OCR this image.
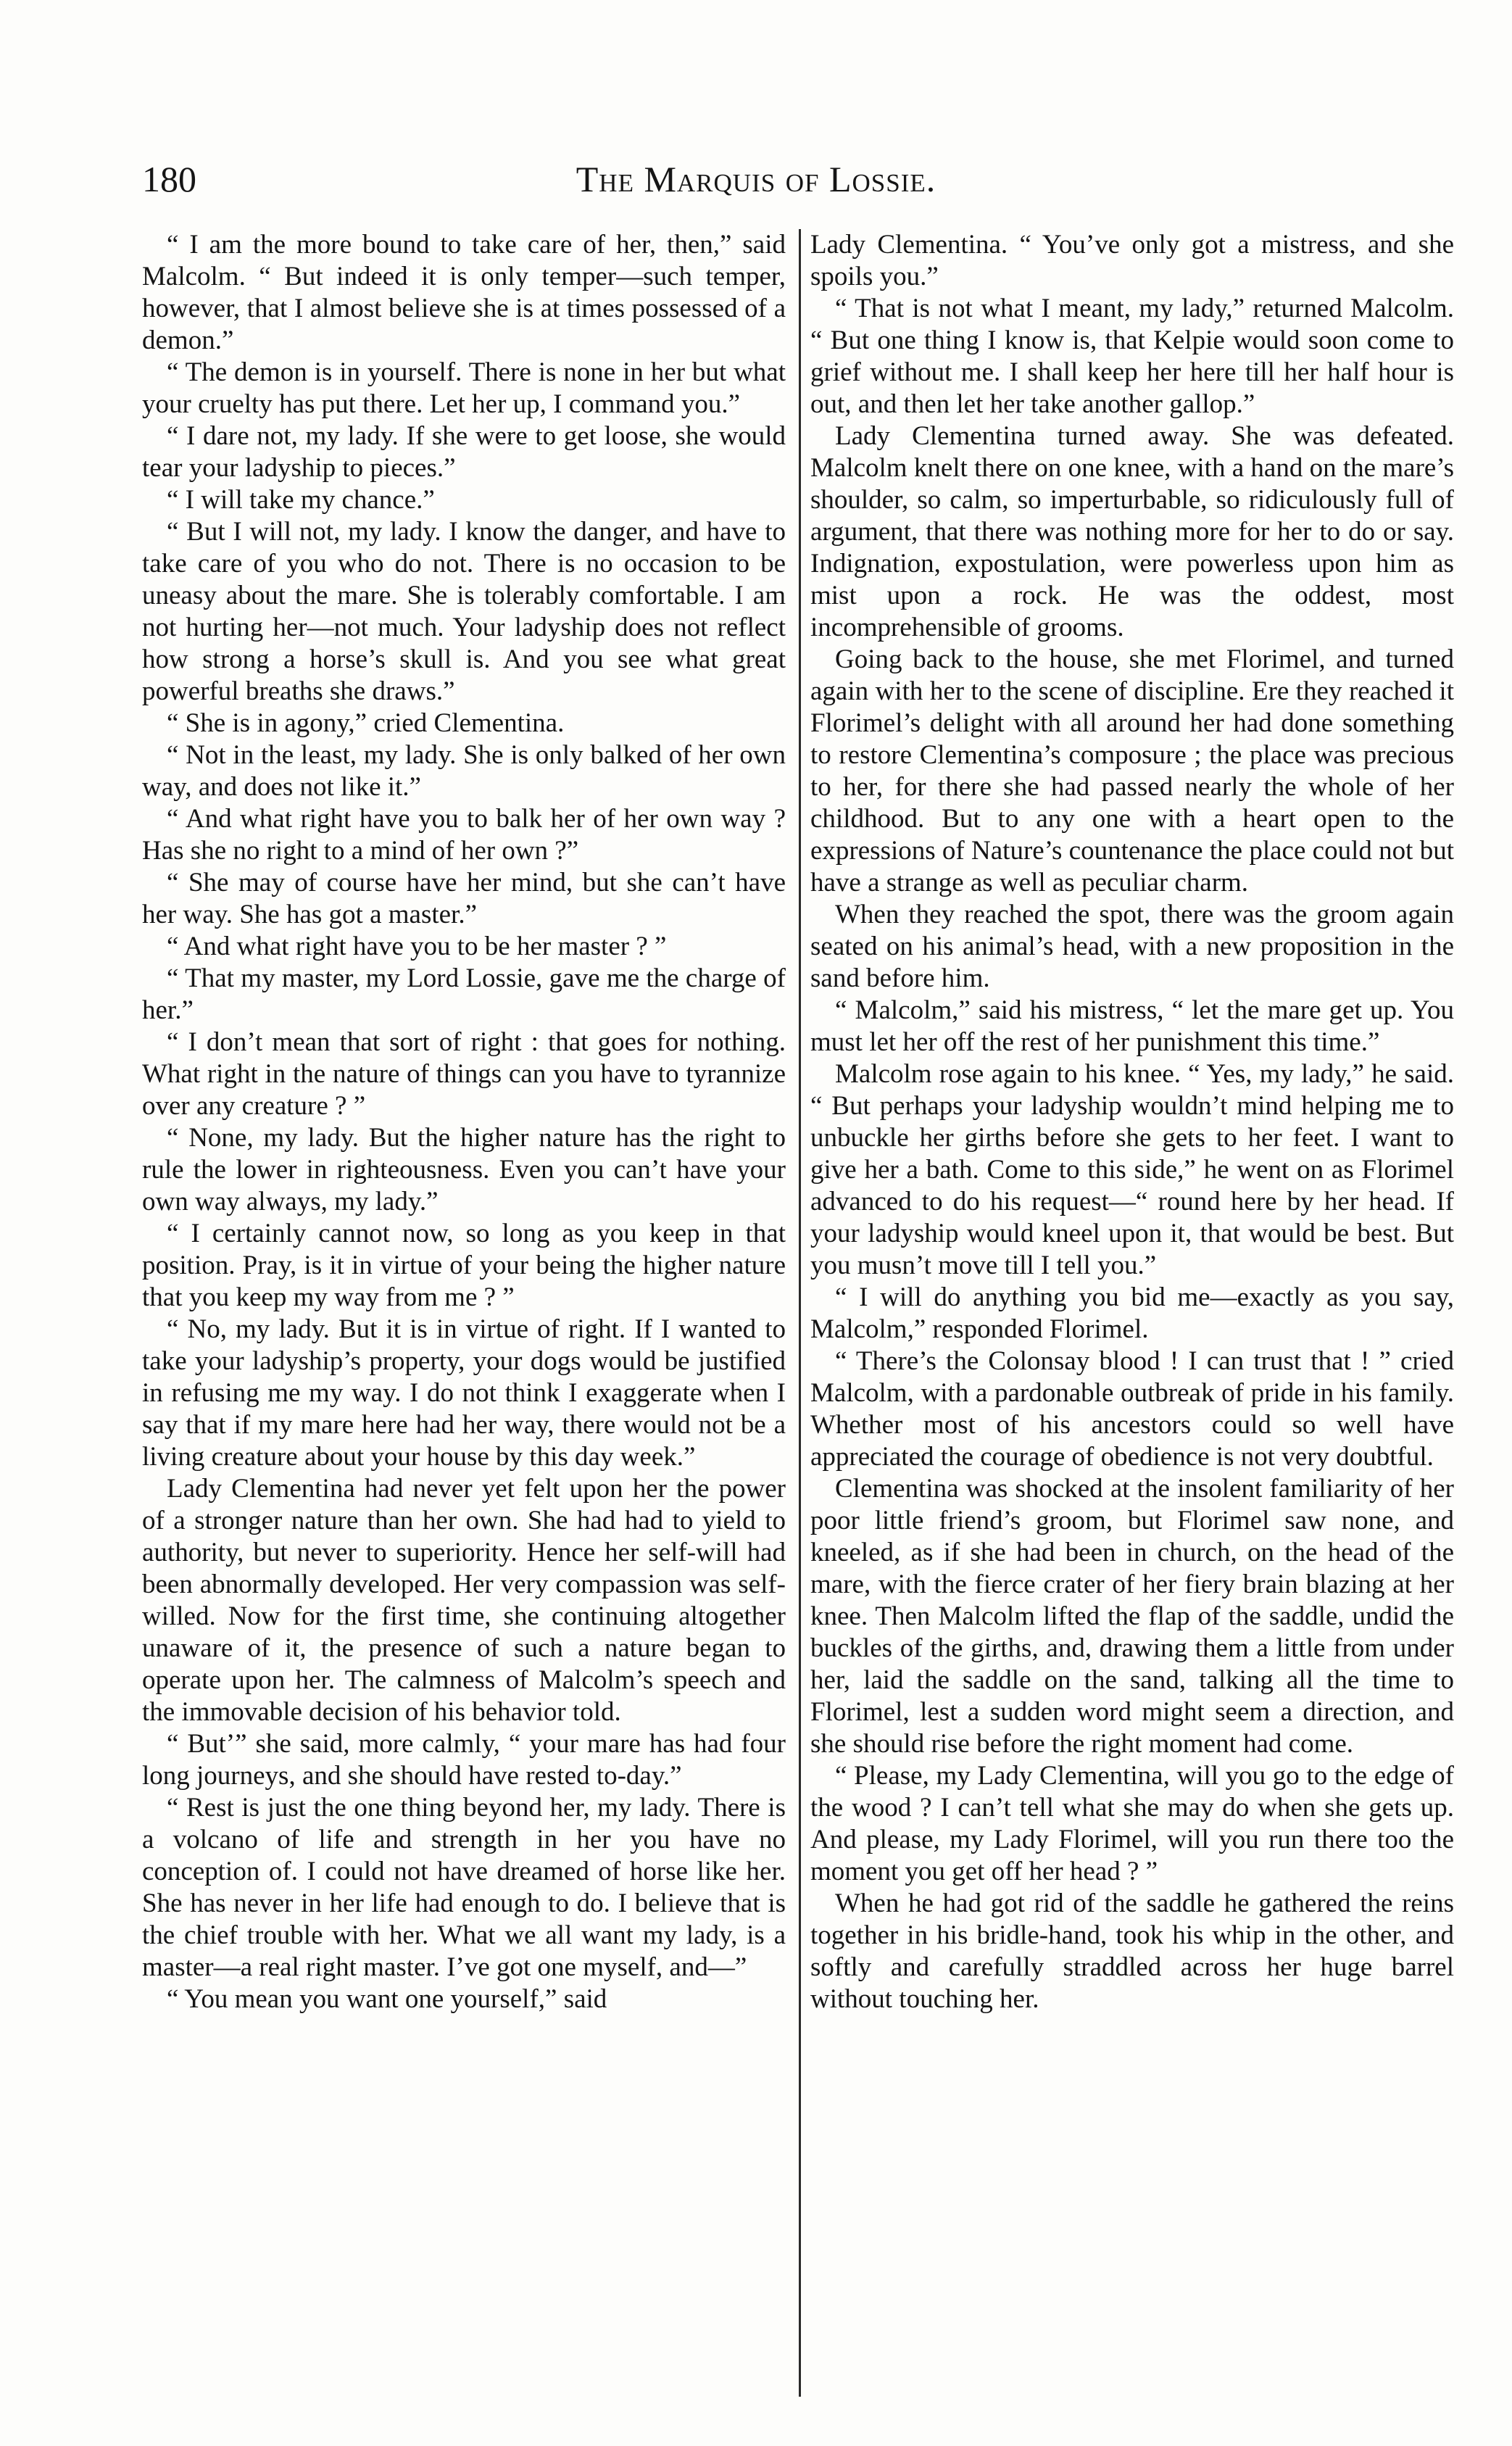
180	The Marquis of Lossie.

“ I am the more bound to take care of her, then,” said Malcolm. “ But indeed it is only temper—such temper, however, that I almost believe she is at times possessed of a demon.”

“ The demon is in yourself. There is none in her but what your cruelty has put there. Let her up, I command you.”

“ I dare not, my lady. If she were to get loose, she would tear your ladyship to pieces.”

“ I will take my chance.”

“ But I will not, my lady. I know the danger, and have to take care of you who do not. There is no occasion to be uneasy about the mare. She is tolerably comfortable. I am not hurting her—not much. Your ladyship does not reflect how strong a horse’s skull is. And you see what great powerful breaths she draws.”

“ She is in agony,” cried Clementina.

“ Not in the least, my lady. She is only balked of her own way, and does not like it.”

“ And what right have you to balk her of her own way ? Has she no right to a mind of her own ?”

“ She may of course have her mind, but she can’t have her way. She has got a master.”

“ And what right have you to be her master ? ”

“ That my master, my Lord Lossie, gave me the charge of her.”

“ I don’t mean that sort of right : that goes for nothing. What right in the nature of things can you have to tyrannize over any creature ? ”

“ None, my lady. But the higher nature has the right to rule the lower in righteousness. Even you can’t have your own way always, my lady.”

“ I certainly cannot now, so long as you keep in that position. Pray, is it in virtue of your being the higher nature that you keep my way from me ? ”

“ No, my lady. But it is in virtue of right. If I wanted to take your ladyship’s property, your dogs would be justified in refusing me my way. I do not think I exaggerate when I say that if my mare here had her way, there would not be a living creature about your house by this day week.”

Lady Clementina had never yet felt upon her the power of a stronger nature than her own. She had had to yield to authority, but never to superiority. Hence her self-will had been abnormally developed. Her very compassion was self-willed. Now for the first time, she continuing altogether unaware of it, the presence of such a nature began to operate upon her. The calmness of Malcolm’s speech and the immovable decision of his behavior told.

“ But’” she said, more calmly, “ your mare has had four long journeys, and she should have rested to-day.”

“ Rest is just the one thing beyond her, my lady. There is a volcano of life and strength in her you have no conception of. I could not have dreamed of horse like her. She has never in her life had enough to do. I believe that is the chief trouble with her. What we all want my lady, is a master—a real right master. I’ve got one myself, and—”

“ You mean you want one yourself,” said

Lady Clementina. “ You’ve only got a mistress, and she spoils you.”

“ That is not what I meant, my lady,” returned Malcolm. “ But one thing I know is, that Kelpie would soon come to grief without me. I shall keep her here till her half hour is out, and then let her take another gallop.”

Lady Clementina turned away. She was defeated. Malcolm knelt there on one knee, with a hand on the mare’s shoulder, so calm, so imperturbable, so ridiculously full of argument, that there was nothing more for her to do or say. Indignation, expostulation, were powerless upon him as mist upon a rock. He was the oddest, most incomprehensible of grooms.

Going back to the house, she met Florimel, and turned again with her to the scene of discipline. Ere they reached it Florimel’s delight with all around her had done something to restore Clementina’s composure ; the place was precious to her, for there she had passed nearly the whole of her childhood. But to any one with a heart open to the expressions of Nature’s countenance the place could not but have a strange as well as peculiar charm.

When they reached the spot, there was the groom again seated on his animal’s head, with a new proposition in the sand before him.

“ Malcolm,” said his mistress, “ let the mare get up. You must let her off the rest of her punishment this time.”

Malcolm rose again to his knee. “ Yes, my lady,” he said. “ But perhaps your ladyship wouldn’t mind helping me to unbuckle her girths before she gets to her feet. I want to give her a bath. Come to this side,” he went on as Florimel advanced to do his request—“ round here by her head. If your ladyship would kneel upon it, that would be best. But you musn’t move till I tell you.”

“ I will do anything you bid me—exactly as you say, Malcolm,” responded Florimel.

“ There’s the Colonsay blood ! I can trust that ! ” cried Malcolm, with a pardonable outbreak of pride in his family. Whether most of his ancestors could so well have appreciated the courage of obedience is not very doubtful.

Clementina was shocked at the insolent familiarity of her poor little friend’s groom, but Florimel saw none, and kneeled, as if she had been in church, on the head of the mare, with the fierce crater of her fiery brain blazing at her knee. Then Malcolm lifted the flap of the saddle, undid the buckles of the girths, and, drawing them a little from under her, laid the saddle on the sand, talking all the time to Florimel, lest a sudden word might seem a direction, and she should rise before the right moment had come.

“ Please, my Lady Clementina, will you go to the edge of the wood ? I can’t tell what she may do when she gets up. And please, my Lady Florimel, will you run there too the moment you get off her head ? ”

When he had got rid of the saddle he gathered the reins together in his bridle-hand, took his whip in the other, and softly and carefully straddled across her huge barrel without touching her.
